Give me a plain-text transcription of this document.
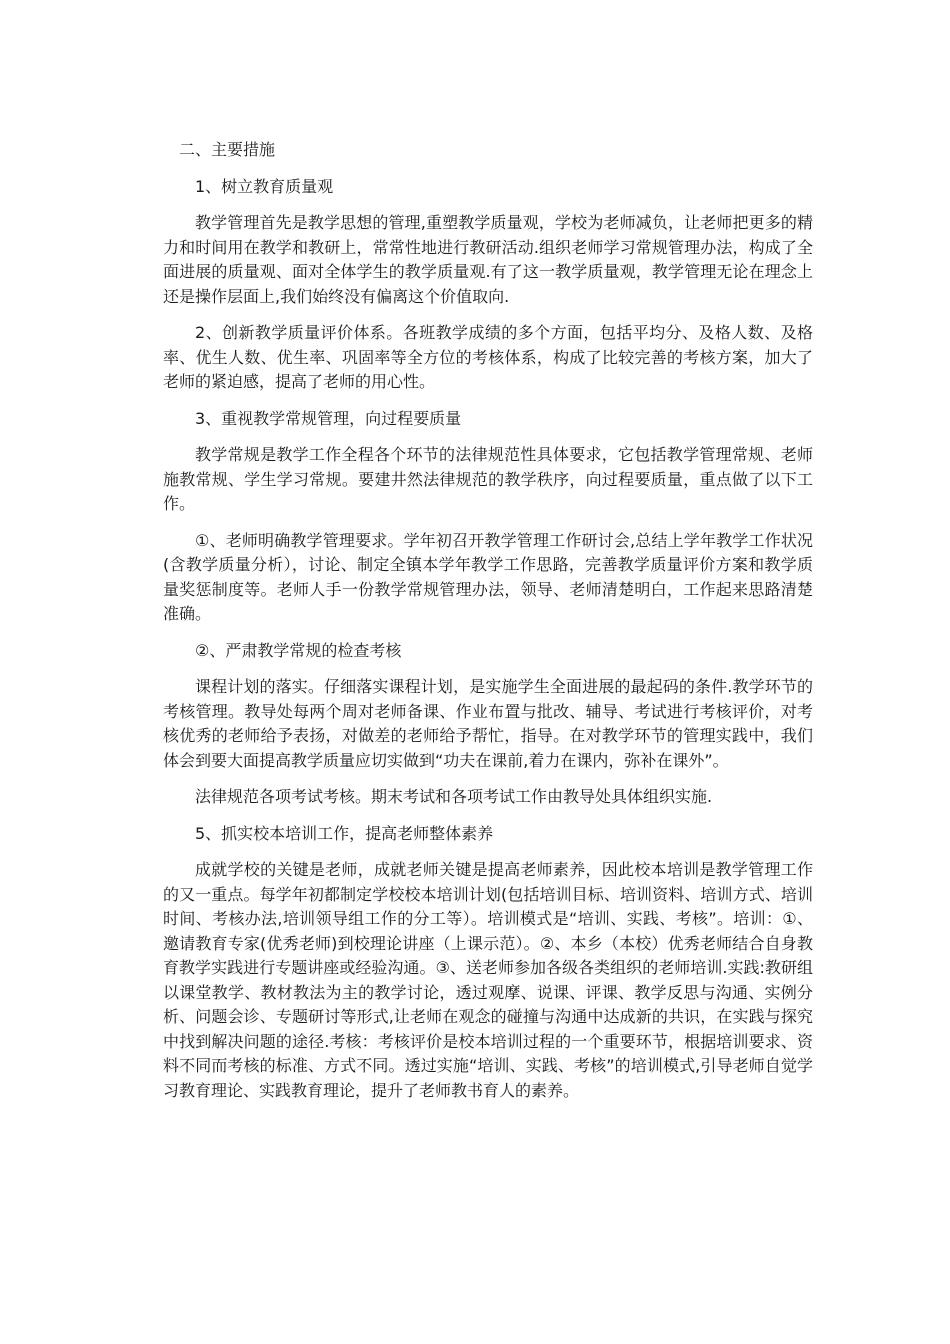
二、主要措施

1、树立教育质量观

教学管理首先是教学思想的管理,重塑教学质量观，学校为老师减负，让老师把更多的精力和时间用在教学和教研上，常常性地进行教研活动.组织老师学习常规管理办法，构成了全面进展的质量观、面对全体学生的教学质量观.有了这一教学质量观，教学管理无论在理念上还是操作层面上,我们始终没有偏离这个价值取向.

2、创新教学质量评价体系。各班教学成绩的多个方面，包括平均分、及格人数、及格率、优生人数、优生率、巩固率等全方位的考核体系，构成了比较完善的考核方案，加大了老师的紧迫感，提高了老师的用心性。

3、重视教学常规管理，向过程要质量

教学常规是教学工作全程各个环节的法律规范性具体要求，它包括教学管理常规、老师施教常规、学生学习常规。要建井然法律规范的教学秩序，向过程要质量，重点做了以下工作。

①、老师明确教学管理要求。学年初召开教学管理工作研讨会,总结上学年教学工作状况(含教学质量分析），讨论、制定全镇本学年教学工作思路，完善教学质量评价方案和教学质量奖惩制度等。老师人手一份教学常规管理办法，领导、老师清楚明白，工作起来思路清楚准确。

②、严肃教学常规的检查考核

课程计划的落实。仔细落实课程计划，是实施学生全面进展的最起码的条件.教学环节的考核管理。教导处每两个周对老师备课、作业布置与批改、辅导、考试进行考核评价，对考核优秀的老师给予表扬，对做差的老师给予帮忙，指导。在对教学环节的管理实践中，我们体会到要大面提高教学质量应切实做到“功夫在课前,着力在课内，弥补在课外”。

法律规范各项考试考核。期末考试和各项考试工作由教导处具体组织实施.

5、抓实校本培训工作，提高老师整体素养

成就学校的关键是老师，成就老师关键是提高老师素养，因此校本培训是教学管理工作的又一重点。每学年初都制定学校校本培训计划(包括培训目标、培训资料、培训方式、培训时间、考核办法,培训领导组工作的分工等）。培训模式是“培训、实践、考核”。培训：①、邀请教育专家(优秀老师)到校理论讲座（上课示范）。②、本乡（本校）优秀老师结合自身教育教学实践进行专题讲座或经验沟通。③、送老师参加各级各类组织的老师培训.实践:教研组以课堂教学、教材教法为主的教学讨论，透过观摩、说课、评课、教学反思与沟通、实例分析、问题会诊、专题研讨等形式,让老师在观念的碰撞与沟通中达成新的共识，在实践与探究中找到解决问题的途径.考核：考核评价是校本培训过程的一个重要环节，根据培训要求、资料不同而考核的标准、方式不同。透过实施“培训、实践、考核”的培训模式,引导老师自觉学习教育理论、实践教育理论，提升了老师教书育人的素养。
